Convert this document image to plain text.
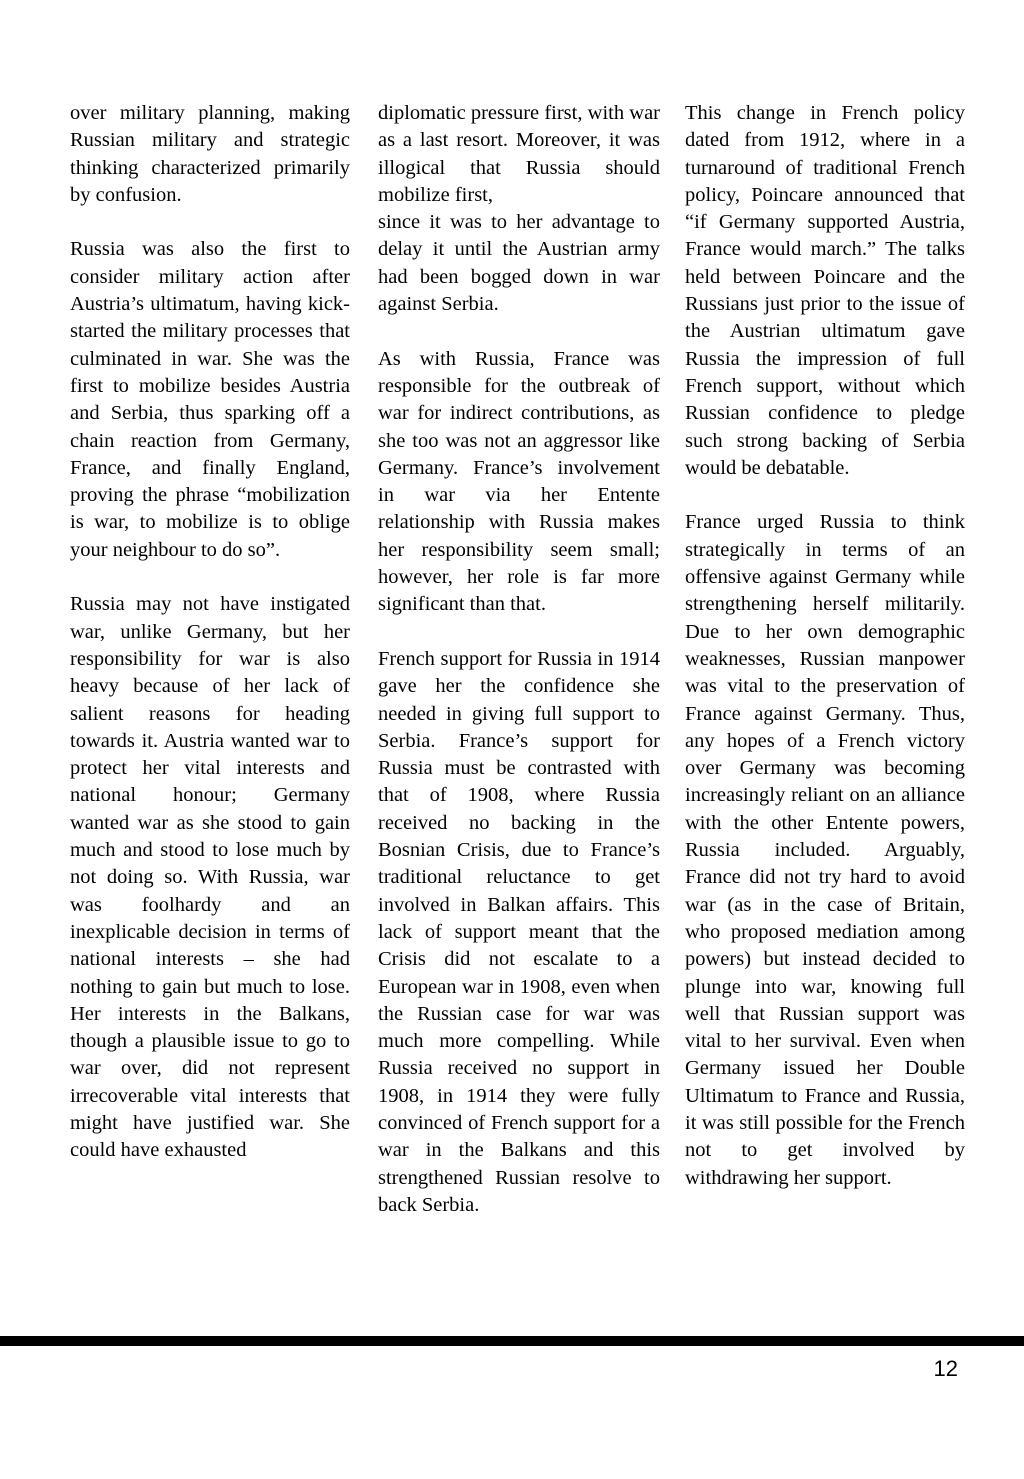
over military planning, making Russian military and strategic thinking characterized primarily by confusion.

Russia was also the first to consider military action after Austria’s ultimatum, having kick-started the military processes that culminated in war. She was the first to mobilize besides Austria and Serbia, thus sparking off a chain reaction from Germany, France, and finally England, proving the phrase “mobilization is war, to mobilize is to oblige your neighbour to do so”.

Russia may not have instigated war, unlike Germany, but her responsibility for war is also heavy because of her lack of salient reasons for heading towards it. Austria wanted war to protect her vital interests and national honour; Germany wanted war as she stood to gain much and stood to lose much by not doing so. With Russia, war was foolhardy and an inexplicable decision in terms of national interests – she had nothing to gain but much to lose. Her interests in the Balkans, though a plausible issue to go to war over, did not represent irrecoverable vital interests that might have justified war. She could have exhausted

diplomatic pressure first, with war as a last resort. Moreover, it was illogical that Russia should mobilize first,

since it was to her advantage to delay it until the Austrian army had been bogged down in war against Serbia.

As with Russia, France was responsible for the outbreak of war for indirect contributions, as she too was not an aggressor like Germany. France’s involvement in war via her Entente relationship with Russia makes her responsibility seem small; however, her role is far more significant than that.

French support for Russia in 1914 gave her the confidence she needed in giving full support to Serbia. France’s support for Russia must be contrasted with that of 1908, where Russia received no backing in the Bosnian Crisis, due to France’s traditional reluctance to get involved in Balkan affairs. This lack of support meant that the Crisis did not escalate to a European war in 1908, even when the Russian case for war was much more compelling. While Russia received no support in 1908, in 1914 they were fully convinced of French support for a war in the Balkans and this strengthened Russian resolve to back Serbia.

This change in French policy dated from 1912, where in a turnaround of traditional French policy, Poincare announced that “if Germany supported Austria, France would march.” The talks held between Poincare and the Russians just prior to the issue of the Austrian ultimatum gave Russia the impression of full French support, without which Russian confidence to pledge such strong backing of Serbia would be debatable.

France urged Russia to think strategically in terms of an offensive against Germany while strengthening herself militarily. Due to her own demographic weaknesses, Russian manpower was vital to the preservation of France against Germany. Thus, any hopes of a French victory over Germany was becoming increasingly reliant on an alliance with the other Entente powers, Russia included. Arguably, France did not try hard to avoid war (as in the case of Britain, who proposed mediation among powers) but instead decided to plunge into war, knowing full well that Russian support was vital to her survival. Even when Germany issued her Double Ultimatum to France and Russia, it was still possible for the French not to get involved by withdrawing her support.

12
